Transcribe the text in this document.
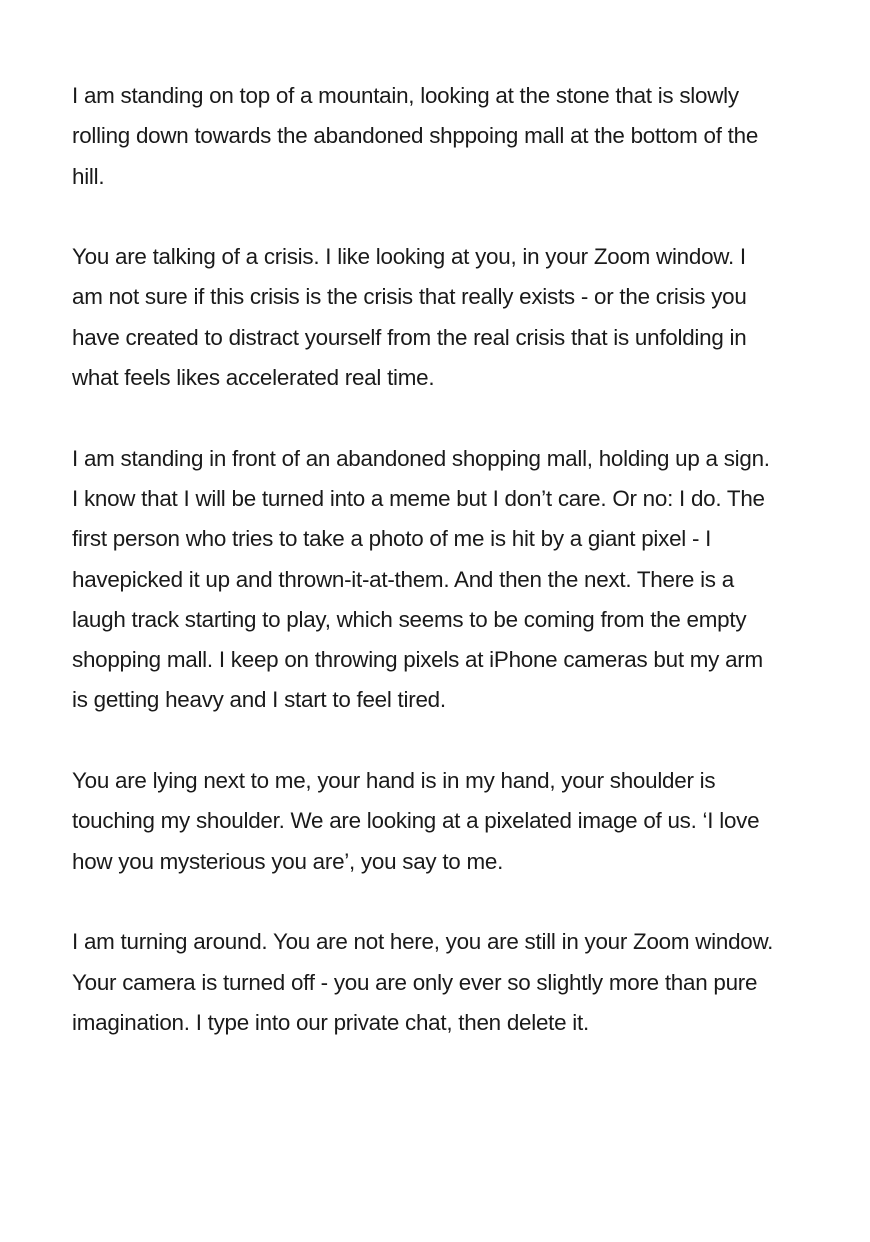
I am standing on top of a mountain, looking at the stone that is slowly
rolling down towards the abandoned shppoing mall at the bottom of the
hill.

You are talking of a crisis. I like looking at you, in your Zoom window. I
am not sure if this crisis is the crisis that really exists - or the crisis you
have created to distract yourself from the real crisis that is unfolding in
what feels likes accelerated real time.

I am standing in front of an abandoned shopping mall, holding up a sign.
I know that I will be turned into a meme but I don’t care. Or no: I do. The
first person who tries to take a photo of me is hit by a giant pixel - I
havepicked it up and thrown-it-at-them. And then the next. There is a
laugh track starting to play, which seems to be coming from the empty
shopping mall. I keep on throwing pixels at iPhone cameras but my arm
is getting heavy and I start to feel tired.

You are lying next to me, your hand is in my hand, your shoulder is
touching my shoulder. We are looking at a pixelated image of us. ‘I love
how you mysterious you are’, you say to me.

I am turning around. You are not here, you are still in your Zoom window.
Your camera is turned off - you are only ever so slightly more than pure
imagination. I type into our private chat, then delete it.
